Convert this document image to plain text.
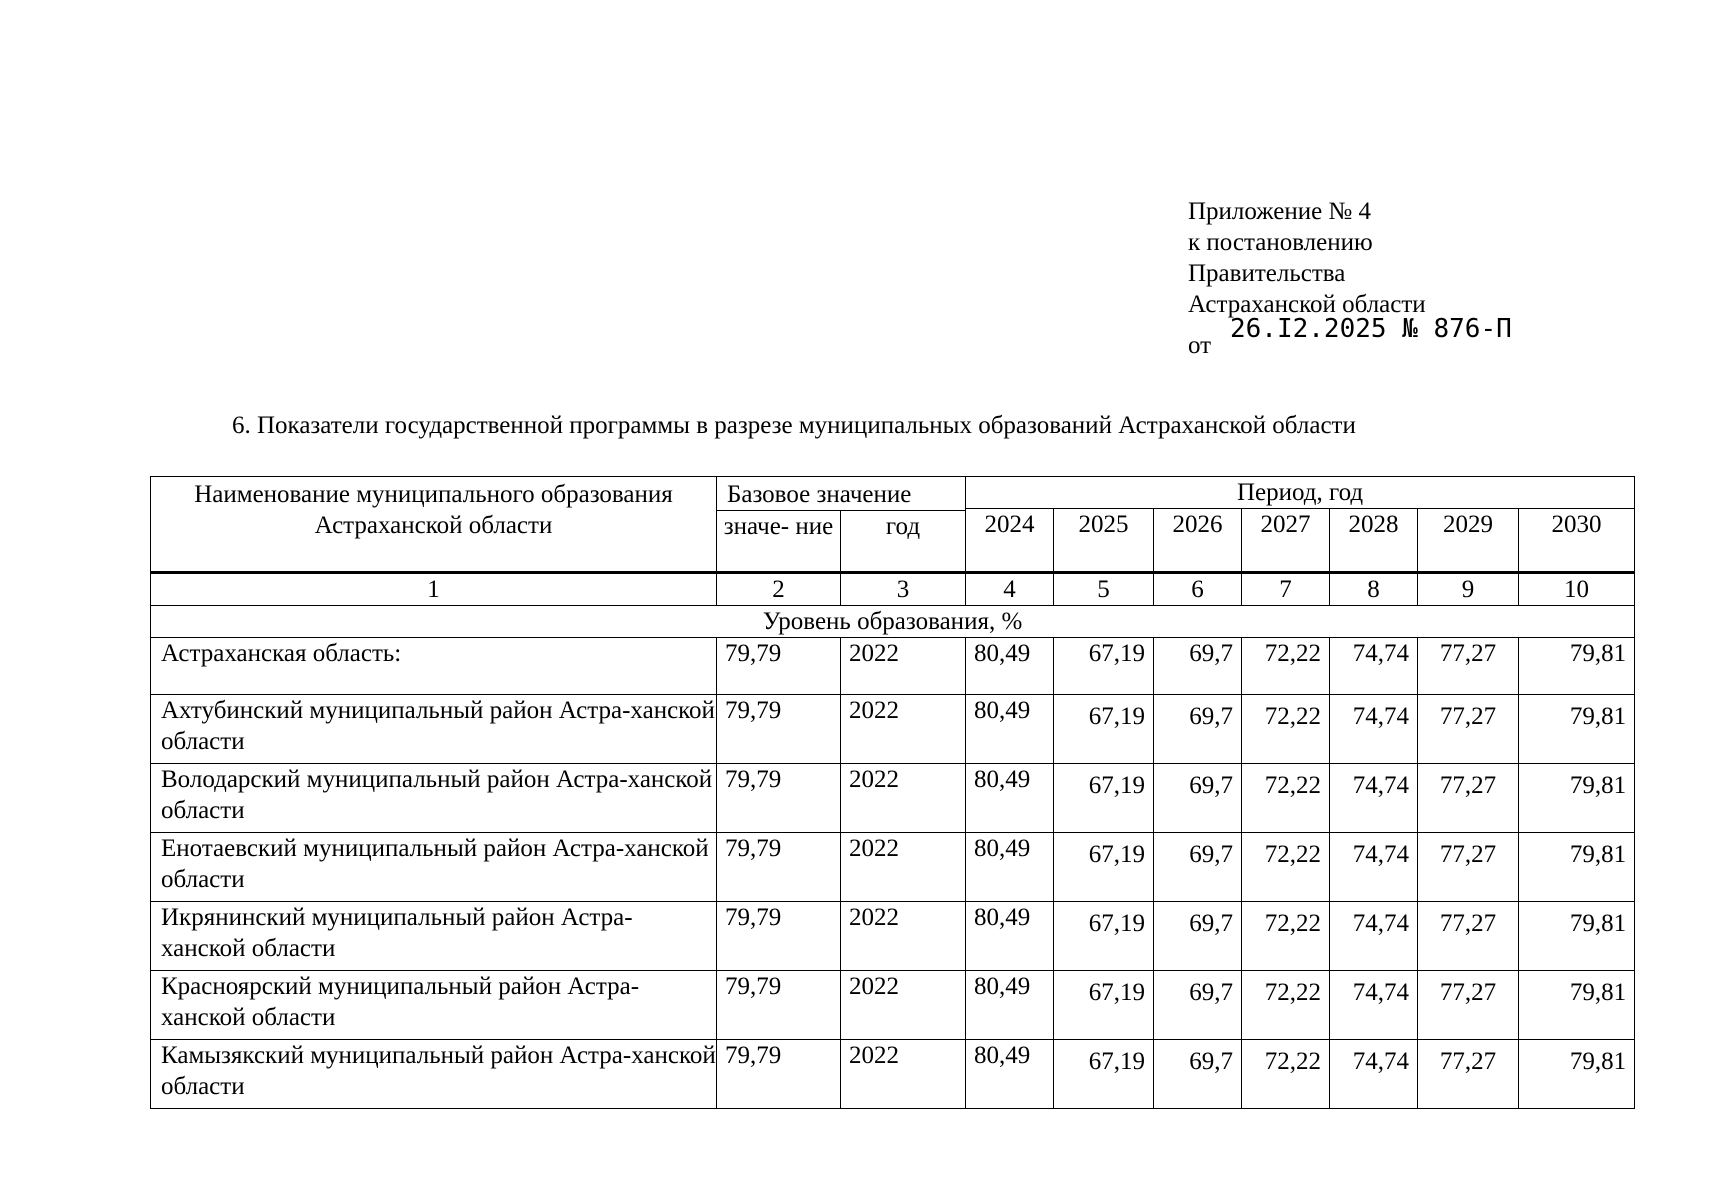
Приложение № 4
к постановлению
Правительства
Астраханской области
от
26.I2.2025 № 876-П
6. Показатели государственной программы в разрезе муниципальных образований Астраханской области
Наименование муниципального образования Астраханской области	Базовое значение		Период, год						
			2024	2025	2026	2027	2028	2029	2030
	значе- ние	год							
1	2	3	4	5	6	7	8	9	10
Уровень образования, %									
Астраханская область:	79,79	2022	80,49	67,19	69,7	72,22	74,74	77,27	79,81
Ахтубинский муниципальный район Астра-ханской области	79,79	2022	80,49	67,19	69,7	72,22	74,74	77,27	79,81
Володарский муниципальный район Астра-ханской области	79,79	2022	80,49	67,19	69,7	72,22	74,74	77,27	79,81
Енотаевский муниципальный район Астра-ханской области	79,79	2022	80,49	67,19	69,7	72,22	74,74	77,27	79,81
Икрянинский муниципальный район Астра-ханской области	79,79	2022	80,49	67,19	69,7	72,22	74,74	77,27	79,81
Красноярский муниципальный район Астра-ханской области	79,79	2022	80,49	67,19	69,7	72,22	74,74	77,27	79,81
Камызякский муниципальный район Астра-ханской области	79,79	2022	80,49	67,19	69,7	72,22	74,74	77,27	79,81
